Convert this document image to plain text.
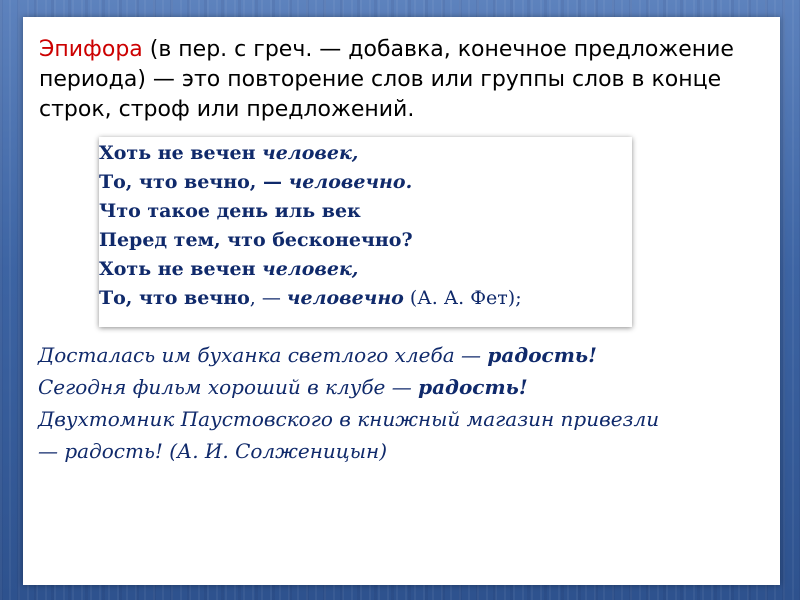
Эпифора (в пер. с греч. — добавка, конечное предложение периода) — это повторение слов или группы слов в конце строк, строф или предложений.

Хоть не вечен человек,
То, что вечно, — человечно.
Что такое день иль век
Перед тем, что бесконечно?
Хоть не вечен человек,
То, что вечно, — человечно (А. А. Фет);
Досталась им буханка светлого хлеба — радость!
Сегодня фильм хороший в клубе — радость!
Двухтомник Паустовского в книжный магазин привезли
— радость! (А. И. Солженицын)
